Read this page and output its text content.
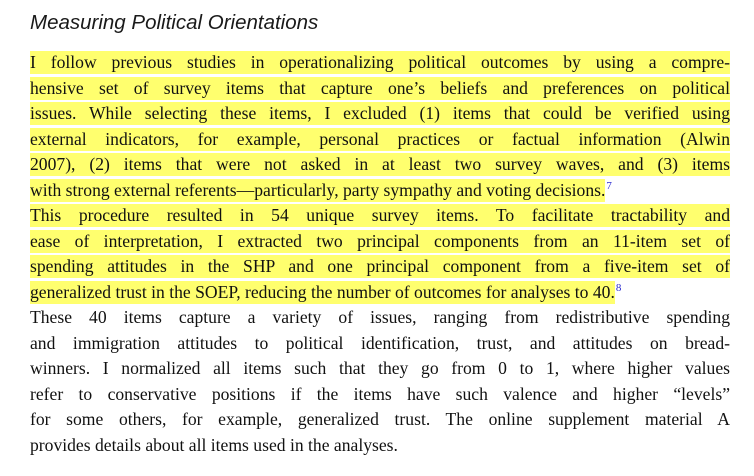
Measuring Political Orientations
I follow previous studies in operationalizing political outcomes by using a compre-
hensive set of survey items that capture one’s beliefs and preferences on political
issues. While selecting these items, I excluded (1) items that could be verified using
external indicators, for example, personal practices or factual information (Alwin
2007), (2) items that were not asked in at least two survey waves, and (3) items
with strong external referents—particularly, party sympathy and voting decisions.$^7$
This procedure resulted in 54 unique survey items. To facilitate tractability and
ease of interpretation, I extracted two principal components from an 11-item set of
spending attitudes in the SHP and one principal component from a five-item set of
generalized trust in the SOEP, reducing the number of outcomes for analyses to 40.$^8$
These 40 items capture a variety of issues, ranging from redistributive spending
and immigration attitudes to political identification, trust, and attitudes on bread-
winners. I normalized all items such that they go from 0 to 1, where higher values
refer to conservative positions if the items have such valence and higher “levels”
for some others, for example, generalized trust. The online supplement material A
provides details about all items used in the analyses.
